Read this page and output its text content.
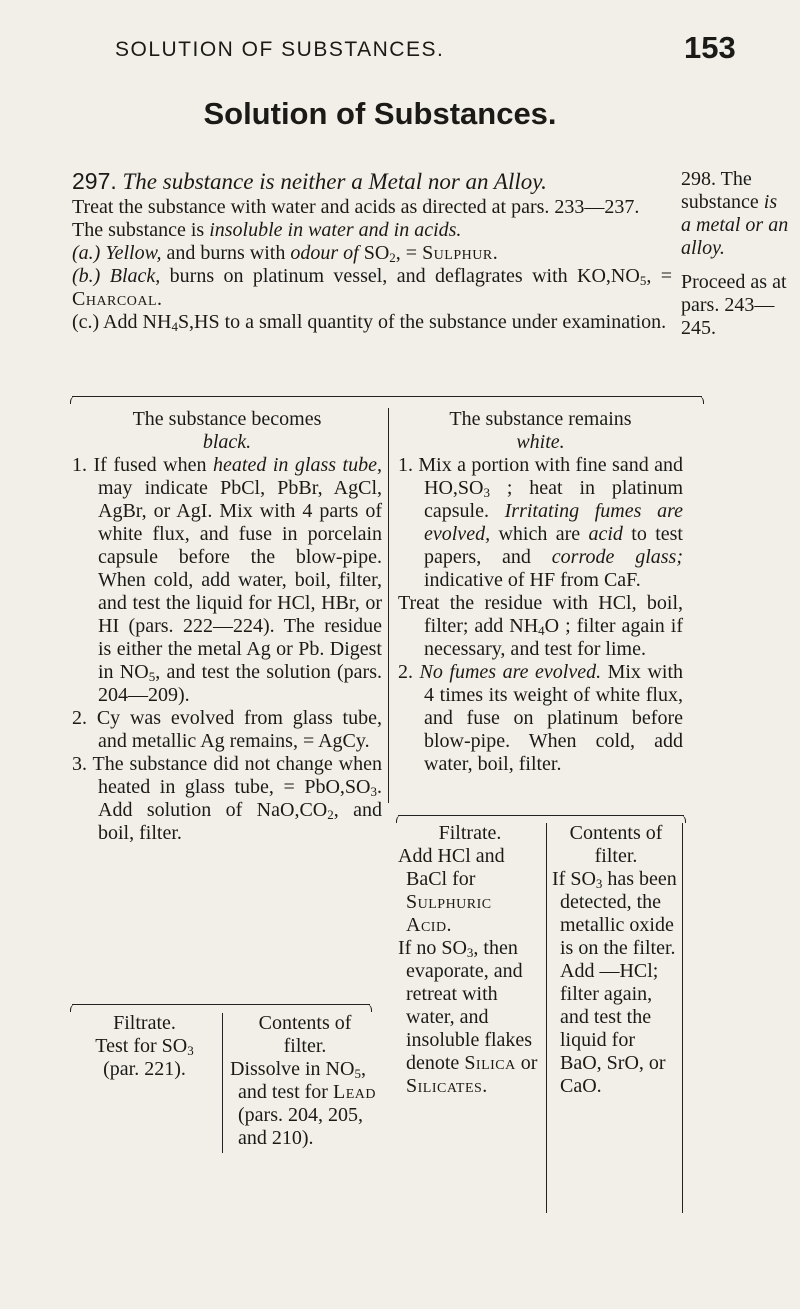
SOLUTION OF SUBSTANCES.	153
Solution of Substances.
297. The substance is neither a Metal nor an Alloy.

Treat the substance with water and acids as directed at pars. 233—237.

The substance is insoluble in water and in acids.

(a.) Yellow, and burns with odour of $SO_2$, = Sulphur.

(b.) Black, burns on platinum vessel, and deflagrates with $KO,NO_5$, = Charcoal.

(c.) Add $NH_4S,HS$ to a small quantity of the substance under examination.

298. The substance is a metal or an alloy.

Proceed as at pars. 243—245.

The substance becomes

black.

1. If fused when heated in glass tube, may indicate PbCl, PbBr, AgCl, AgBr, or AgI. Mix with 4 parts of white flux, and fuse in porcelain capsule before the blow-pipe. When cold, add water, boil, filter, and test the liquid for HCl, HBr, or HI (pars. 222—224). The residue is either the metal Ag or Pb. Digest in $NO_5$, and test the solution (pars. 204—209).

2. Cy was evolved from glass tube, and metallic Ag remains, = AgCy.

3. The substance did not change when heated in glass tube, = $PbO,SO_3$. Add solution of $NaO,CO_2$, and boil, filter.

Filtrate.

Test for $SO_3$

(par. 221).

Contents of

filter.

Dissolve in $NO_5$, and test for Lead (pars. 204, 205, and 210).

The substance remains

white.

1. Mix a portion with fine sand and $HO,SO_3$ ; heat in platinum capsule. Irritating fumes are evolved, which are acid to test papers, and corrode glass; indicative of HF from CaF.

Treat the residue with HCl, boil, filter; add $NH_4O$ ; filter again if necessary, and test for lime.

2. No fumes are evolved. Mix with 4 times its weight of white flux, and fuse on platinum before blow-pipe. When cold, add water, boil, filter.

Filtrate.

Add HCl and BaCl for Sulphuric Acid.

If no $SO_3$, then evaporate, and retreat with water, and insoluble flakes denote Silica or Silicates.

Contents of

filter.

If $SO_3$ has been detected, the metallic oxide is on the filter. Add —HCl; filter again, and test the liquid for BaO, SrO, or CaO.
